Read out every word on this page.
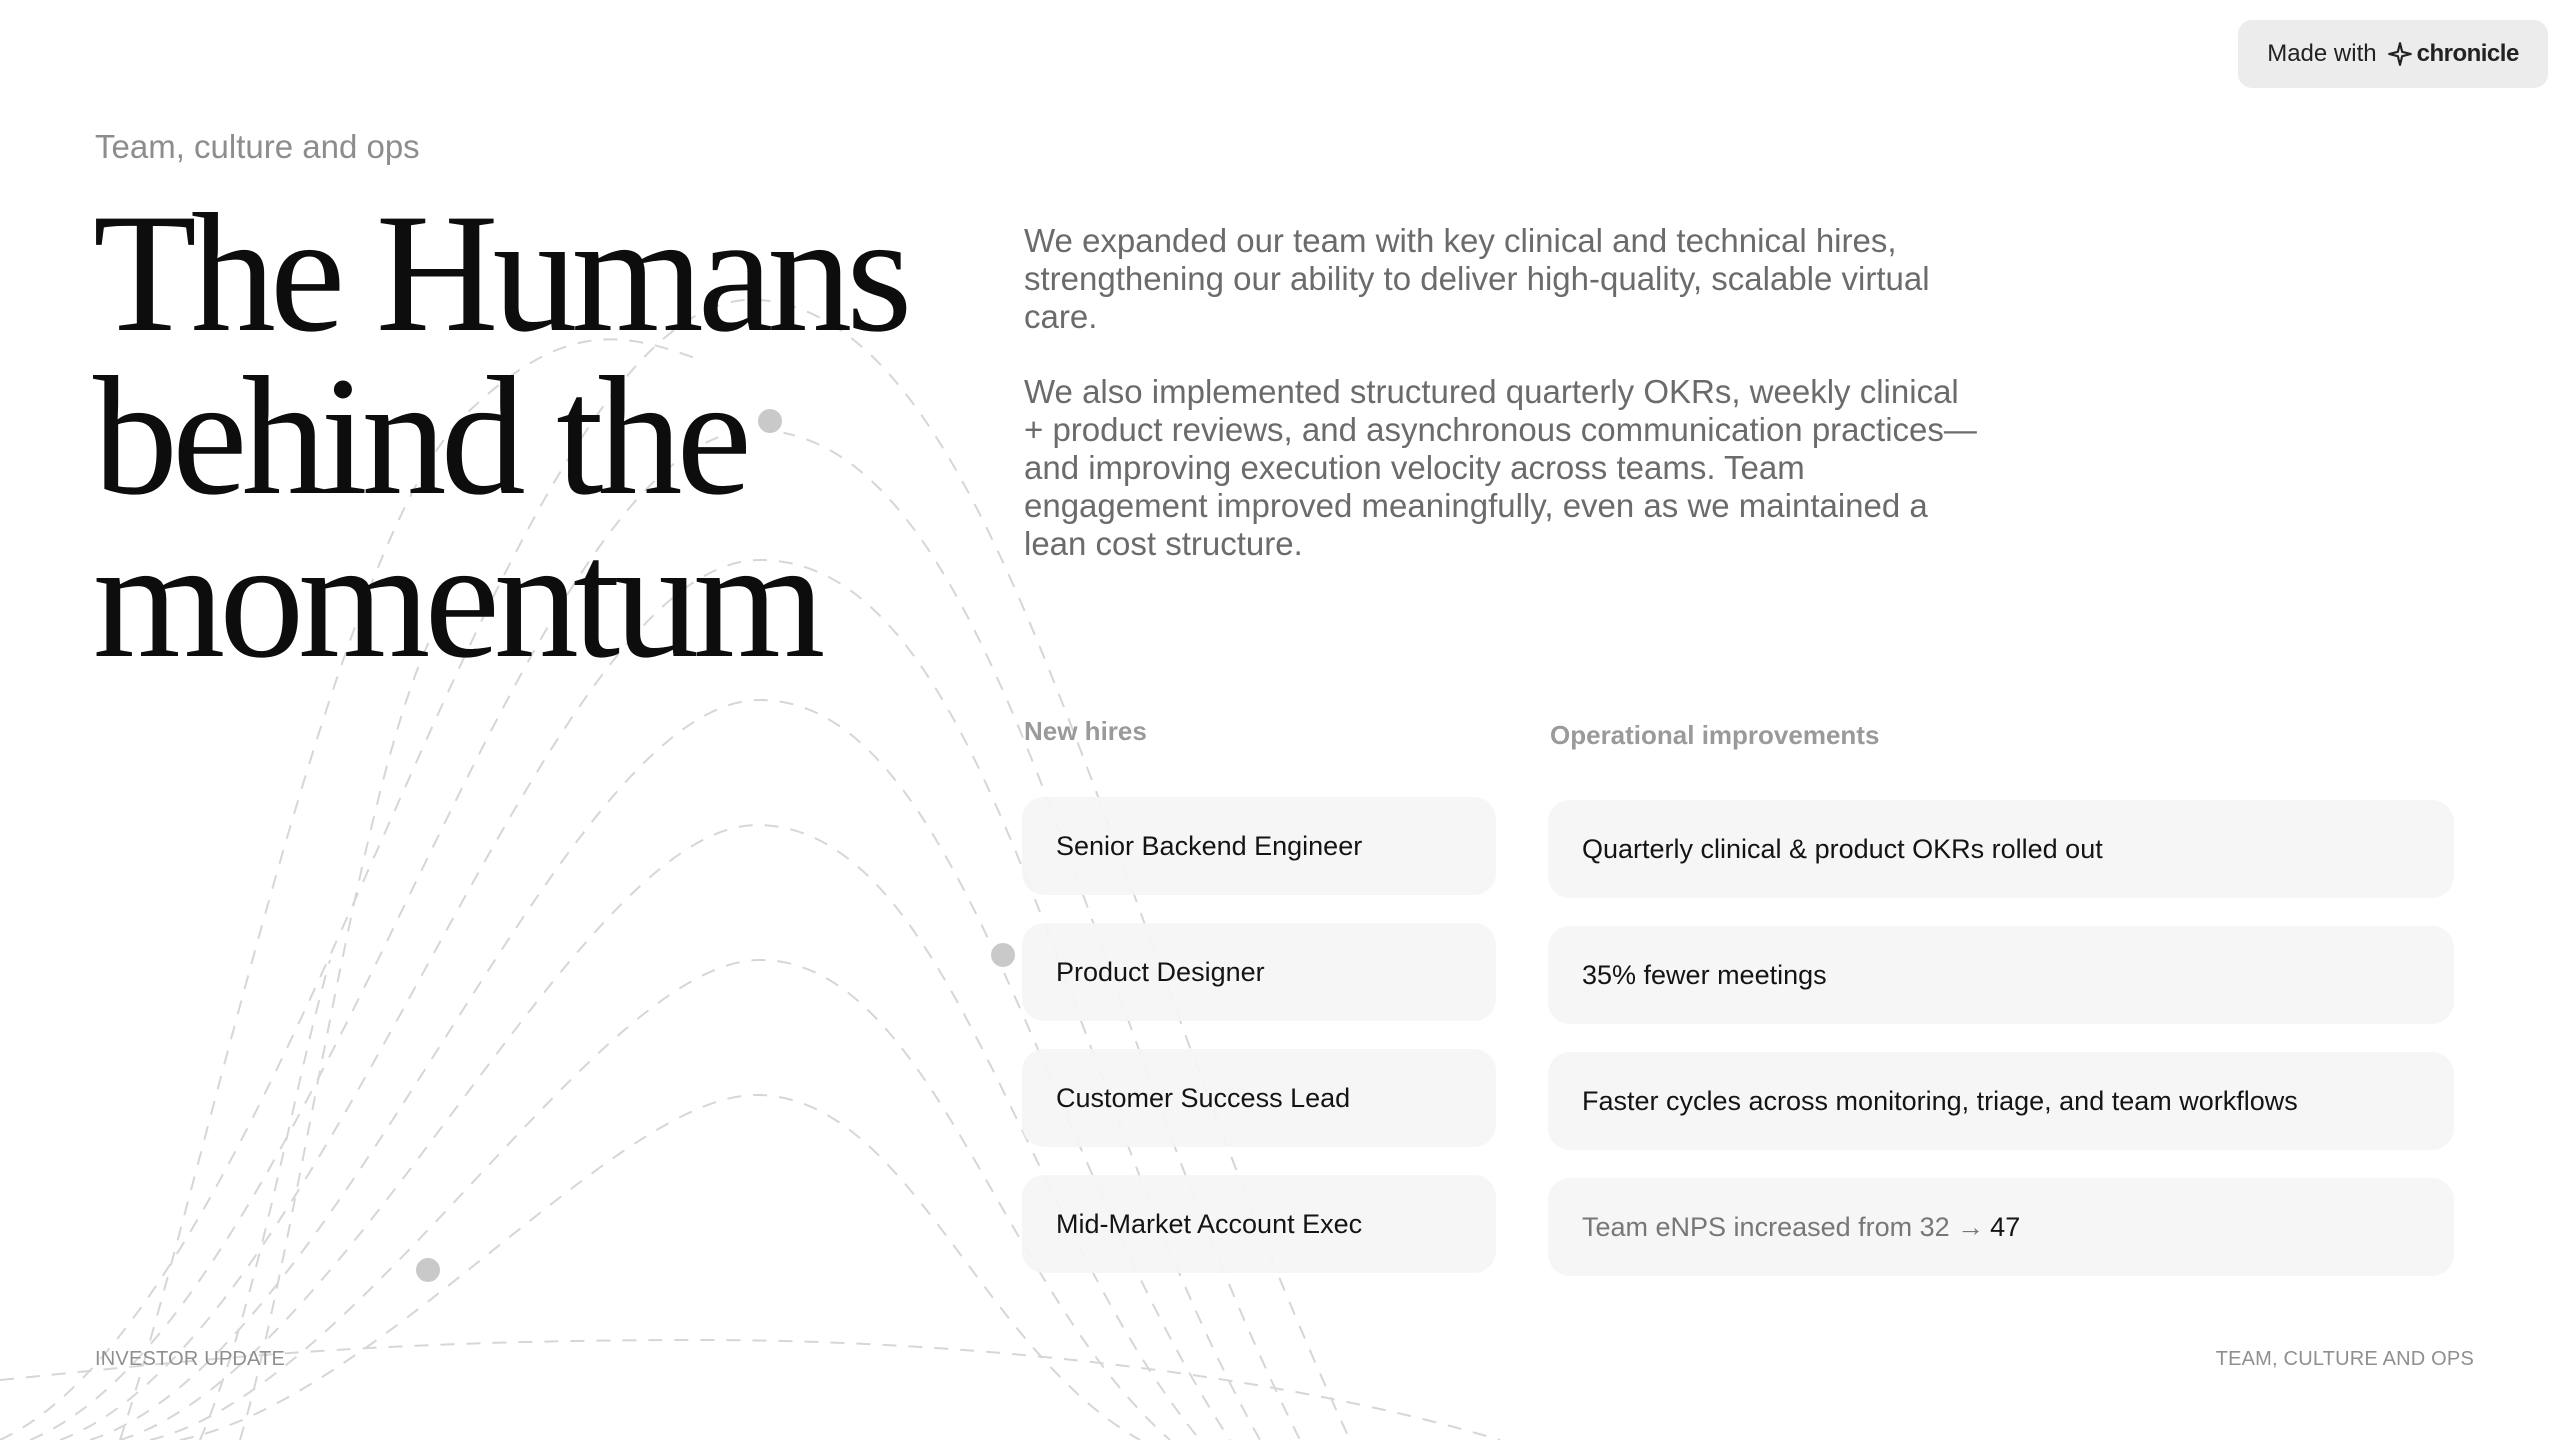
Made with chronicle
Team, culture and ops
The Humans
behind the
momentum

We expanded our team with key clinical and technical hires, strengthening our ability to deliver high-quality, scalable virtual care.

We also implemented structured quarterly OKRs, weekly clinical + product reviews, and asynchronous communication practices— and improving execution velocity across teams. Team engagement improved meaningfully, even as we maintained a lean cost structure.

New hires
Senior Backend Engineer
Product Designer
Customer Success Lead
Mid-Market Account Exec
Operational improvements
Quarterly clinical & product OKRs rolled out
35% fewer meetings
Faster cycles across monitoring, triage, and team workflows
Team eNPS increased from 32 → 47
INVESTOR UPDATE	TEAM, CULTURE AND OPS
